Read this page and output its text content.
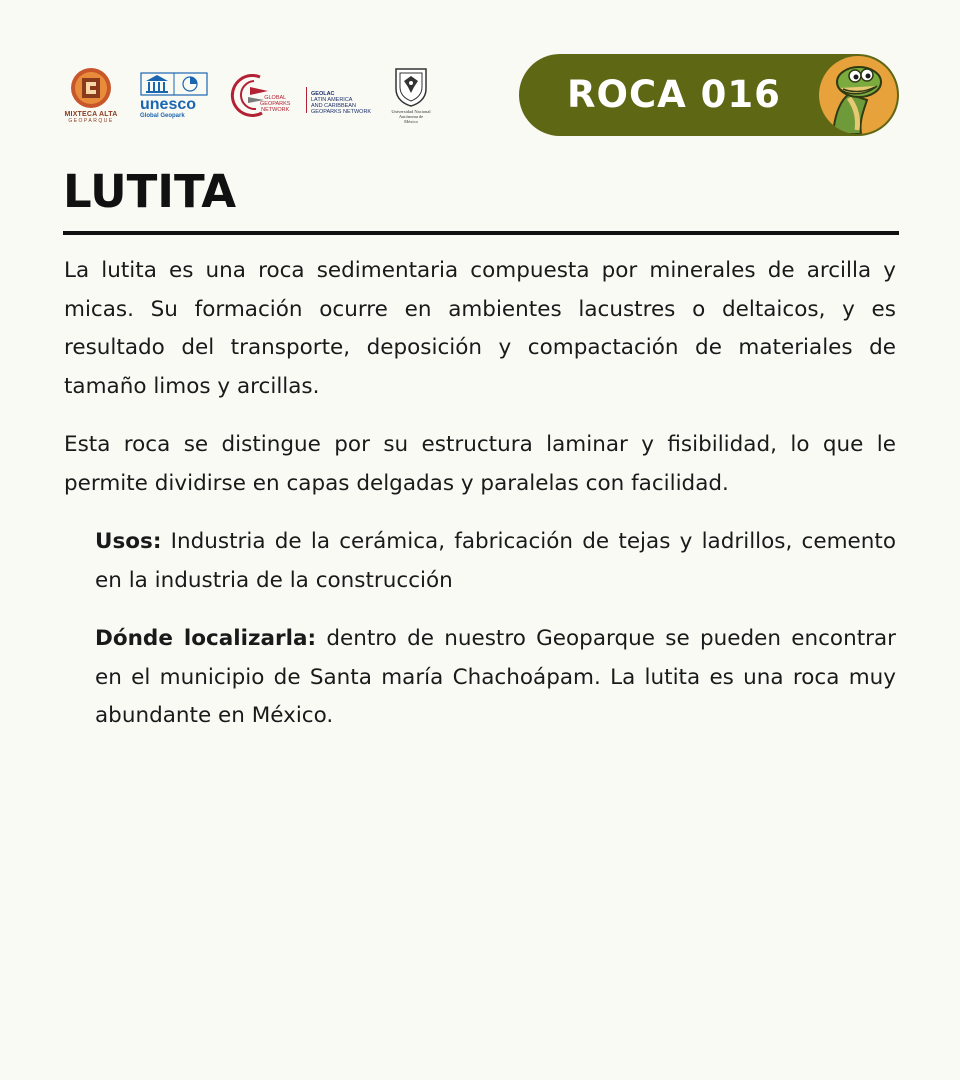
MIXTECA ALTA
GEOPARQUE
unesco
Global Geopark
GLOBAL
GEOPARKS
NETWORK
GEOLAC
LATIN AMERICA
AND CARIBBEAN
GEOPARKS NETWORK	Universidad Nacional
Autónoma de
México
ROCA 016
LUTITA

La lutita es una roca sedimentaria compuesta por minerales de arcilla y micas. Su formación ocurre en ambientes lacustres o deltaicos, y es resultado del transporte, deposición y compactación de materiales de tamaño limos y arcillas.

Esta roca se distingue por su estructura laminar y fisibilidad, lo que le permite dividirse en capas delgadas y paralelas con facilidad.

Usos: Industria de la cerámica, fabricación de tejas y ladrillos, cemento en la industria de la construcción

Dónde localizarla: dentro de nuestro Geoparque se pueden encontrar en el municipio de Santa maría Chachoápam. La lutita es una roca muy abundante en México.
